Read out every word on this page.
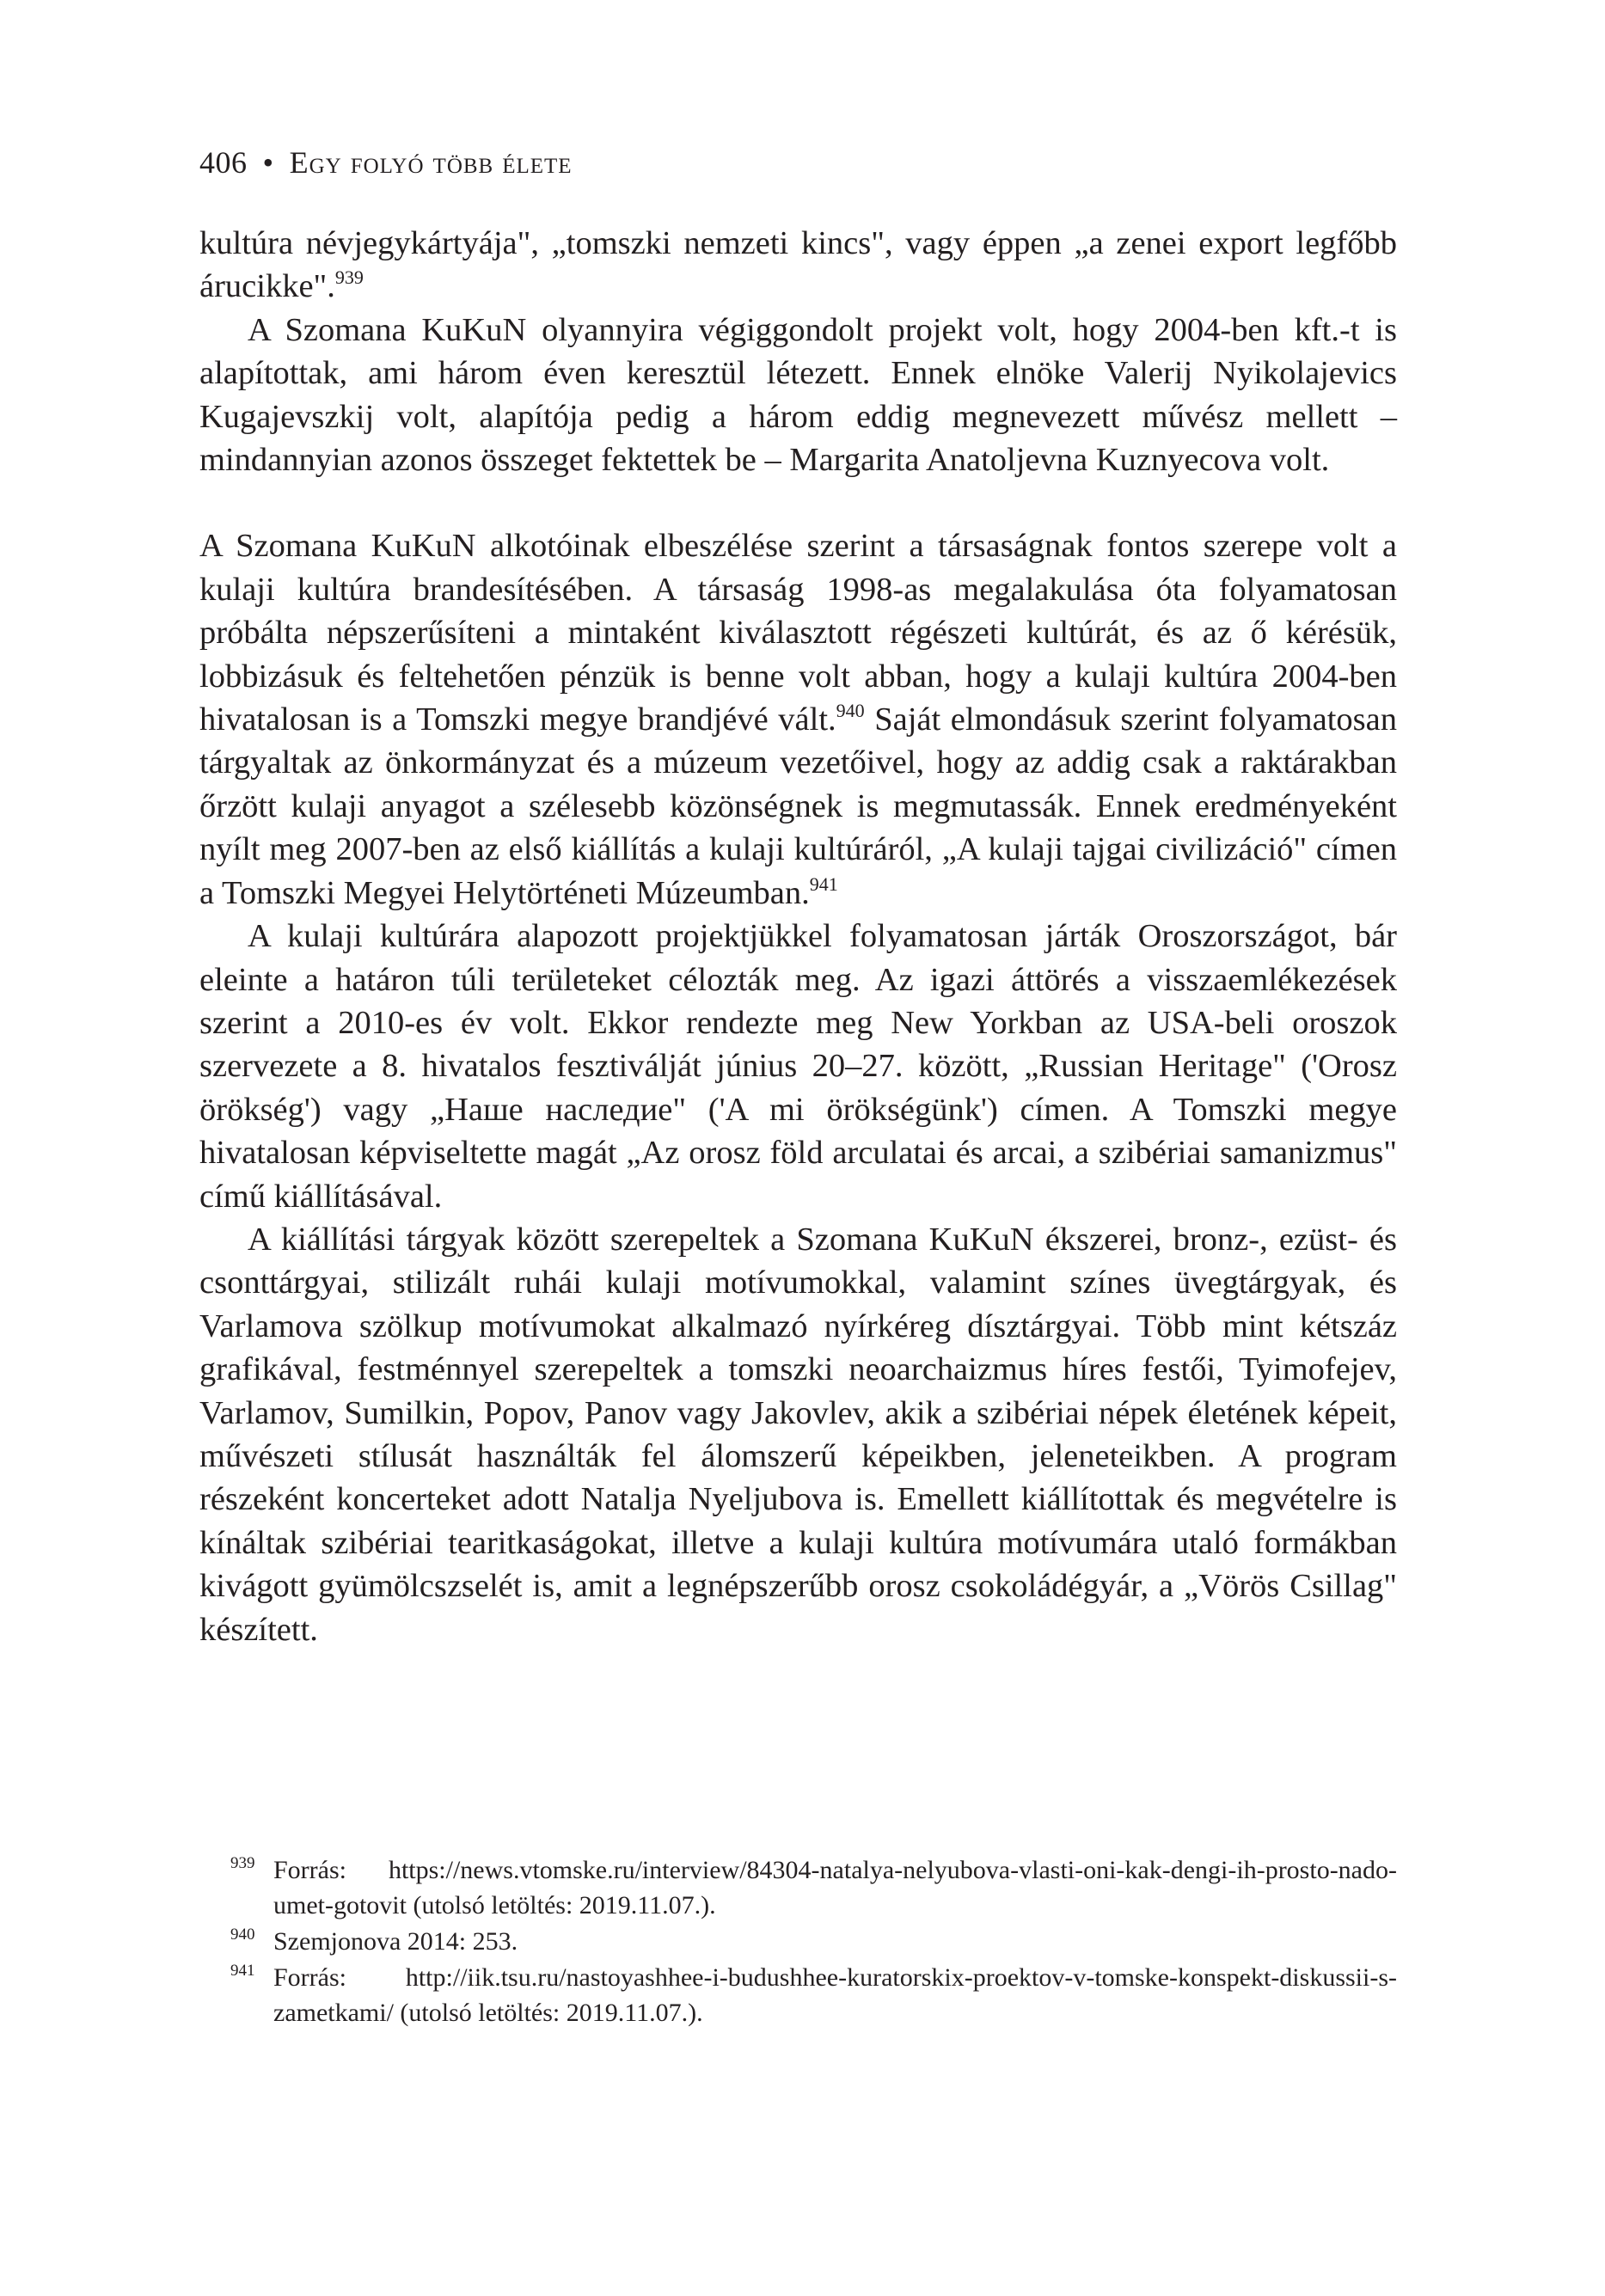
406 • Egy folyó több élete

kultúra névjegykártyája", „tomszki nemzeti kincs", vagy éppen „a zenei export legfőbb árucikke".$^{939}$

A Szomana KuKuN olyannyira végiggondolt projekt volt, hogy 2004-ben kft.-t is alapítottak, ami három éven keresztül létezett. Ennek elnöke Valerij Nyikolajevics Kugajevszkij volt, alapítója pedig a három eddig megnevezett művész mellett – mindannyian azonos összeget fektettek be – Margarita Anatoljevna Kuznyecova volt.

A Szomana KuKuN alkotóinak elbeszélése szerint a társaságnak fontos szerepe volt a kulaji kultúra brandesítésében. A társaság 1998-as megalakulása óta folyamatosan próbálta népszerűsíteni a mintaként kiválasztott régészeti kultúrát, és az ő kérésük, lobbizásuk és feltehetően pénzük is benne volt abban, hogy a kulaji kultúra 2004-ben hivatalosan is a Tomszki megye brandjévé vált.$^{940}$ Saját elmondásuk szerint folyamatosan tárgyaltak az önkormányzat és a múzeum vezetőivel, hogy az addig csak a raktárakban őrzött kulaji anyagot a szélesebb közönségnek is megmutassák. Ennek eredményeként nyílt meg 2007-ben az első kiállítás a kulaji kultúráról, „A kulaji tajgai civilizáció" címen a Tomszki Megyei Helytörténeti Múzeumban.$^{941}$

A kulaji kultúrára alapozott projektjükkel folyamatosan járták Oroszországot, bár eleinte a határon túli területeket célozták meg. Az igazi áttörés a visszaemlékezések szerint a 2010-es év volt. Ekkor rendezte meg New Yorkban az USA-beli oroszok szervezete a 8. hivatalos fesztiválját június 20–27. között, „Russian Heritage" ('Orosz örökség') vagy „Наше наследие" ('A mi örökségünk') címen. A Tomszki megye hivatalosan képviseltette magát „Az orosz föld arculatai és arcai, a szibériai samanizmus" című kiállításával.

A kiállítási tárgyak között szerepeltek a Szomana KuKuN ékszerei, bronz-, ezüst- és csonttárgyai, stilizált ruhái kulaji motívumokkal, valamint színes üvegtárgyak, és Varlamova szölkup motívumokat alkalmazó nyírkéreg dísztárgyai. Több mint kétszáz grafikával, festménnyel szerepeltek a tomszki neoarchaizmus híres festői, Tyimofejev, Varlamov, Sumilkin, Popov, Panov vagy Jakovlev, akik a szibériai népek életének képeit, művészeti stílusát használták fel álomszerű képeikben, jeleneteikben. A program részeként koncerteket adott Natalja Nyeljubova is. Emellett kiállítottak és megvételre is kínáltak szibériai tearitkaságokat, illetve a kulaji kultúra motívumára utaló formákban kivágott gyümölcszselét is, amit a legnépszerűbb orosz csokoládégyár, a „Vörös Csillag" készített.

939 Forrás: https://news.vtomske.ru/interview/84304-natalya-nelyubova-vlasti-oni-kak-dengi-ih-prosto-nado-umet-gotovit (utolsó letöltés: 2019.11.07.).
940 Szemjonova 2014: 253.
941 Forrás: http://iik.tsu.ru/nastoyashhee-i-budushhee-kuratorskix-proektov-v-tomske-konspekt-diskussii-s-zametkami/ (utolsó letöltés: 2019.11.07.).
